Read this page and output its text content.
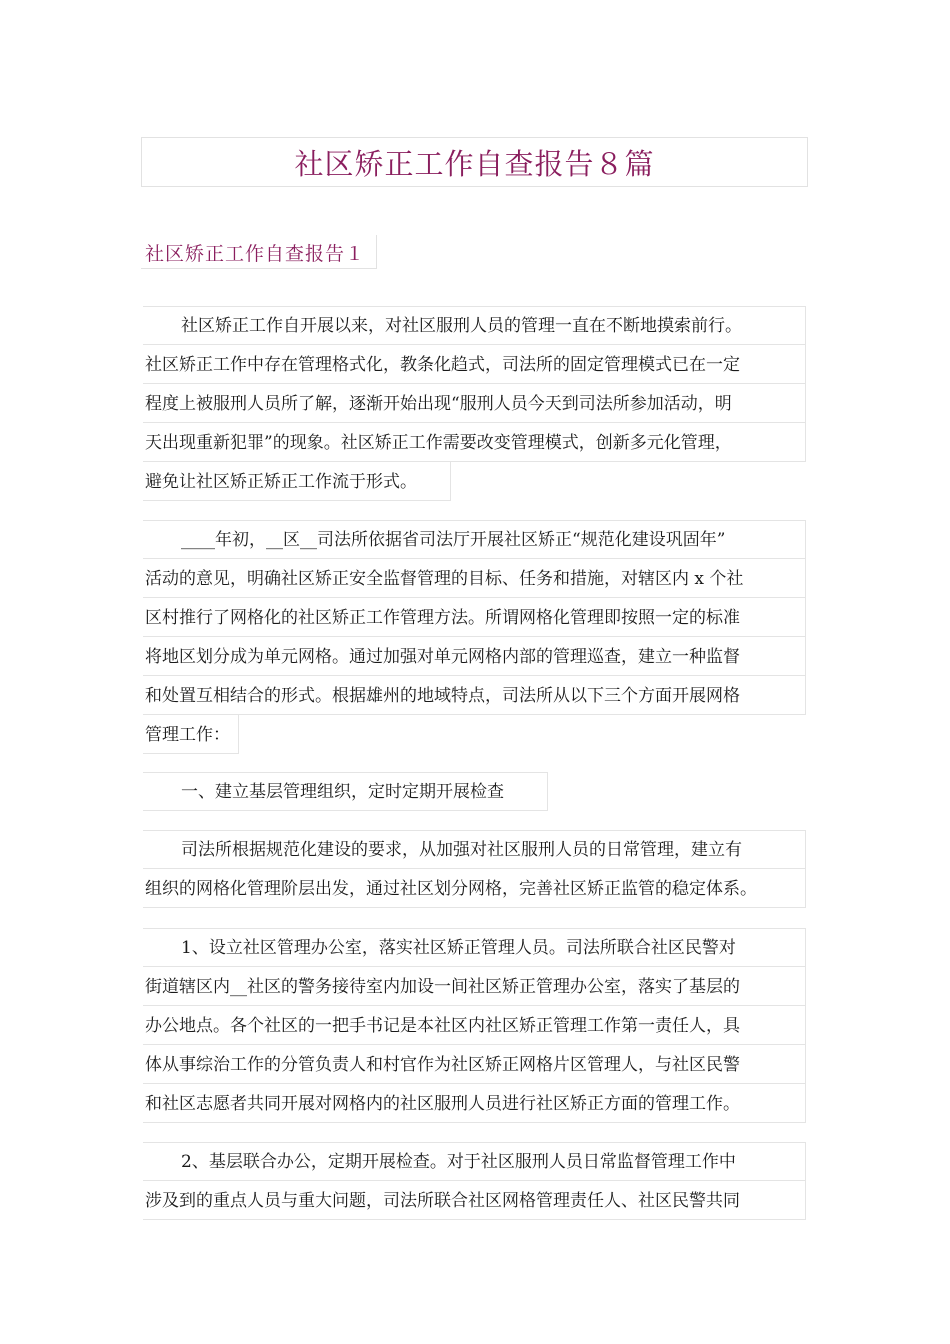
社区矫正工作自查报告８篇
社区矫正工作自查报告１
社区矫正工作自开展以来，对社区服刑人员的管理一直在不断地摸索前行。
社区矫正工作中存在管理格式化，教条化趋式，司法所的固定管理模式已在一定
程度上被服刑人员所了解，逐渐开始出现“服刑人员今天到司法所参加活动，明
天出现重新犯罪”的现象。社区矫正工作需要改变管理模式，创新多元化管理，
避免让社区矫正矫正工作流于形式。
____年初，__区__司法所依据省司法厅开展社区矫正“规范化建设巩固年”
活动的意见，明确社区矫正安全监督管理的目标、任务和措施，对辖区内 x 个社
区村推行了网格化的社区矫正工作管理方法。所谓网格化管理即按照一定的标准
将地区划分成为单元网格。通过加强对单元网格内部的管理巡查，建立一种监督
和处置互相结合的形式。根据雄州的地域特点，司法所从以下三个方面开展网格
管理工作：
一、建立基层管理组织，定时定期开展检查
司法所根据规范化建设的要求，从加强对社区服刑人员的日常管理，建立有
组织的网格化管理阶层出发，通过社区划分网格，完善社区矫正监管的稳定体系。
1、设立社区管理办公室，落实社区矫正管理人员。司法所联合社区民警对
街道辖区内__社区的警务接待室内加设一间社区矫正管理办公室，落实了基层的
办公地点。各个社区的一把手书记是本社区内社区矫正管理工作第一责任人，具
体从事综治工作的分管负责人和村官作为社区矫正网格片区管理人，与社区民警
和社区志愿者共同开展对网格内的社区服刑人员进行社区矫正方面的管理工作。
2、基层联合办公，定期开展检查。对于社区服刑人员日常监督管理工作中
涉及到的重点人员与重大问题，司法所联合社区网格管理责任人、社区民警共同
